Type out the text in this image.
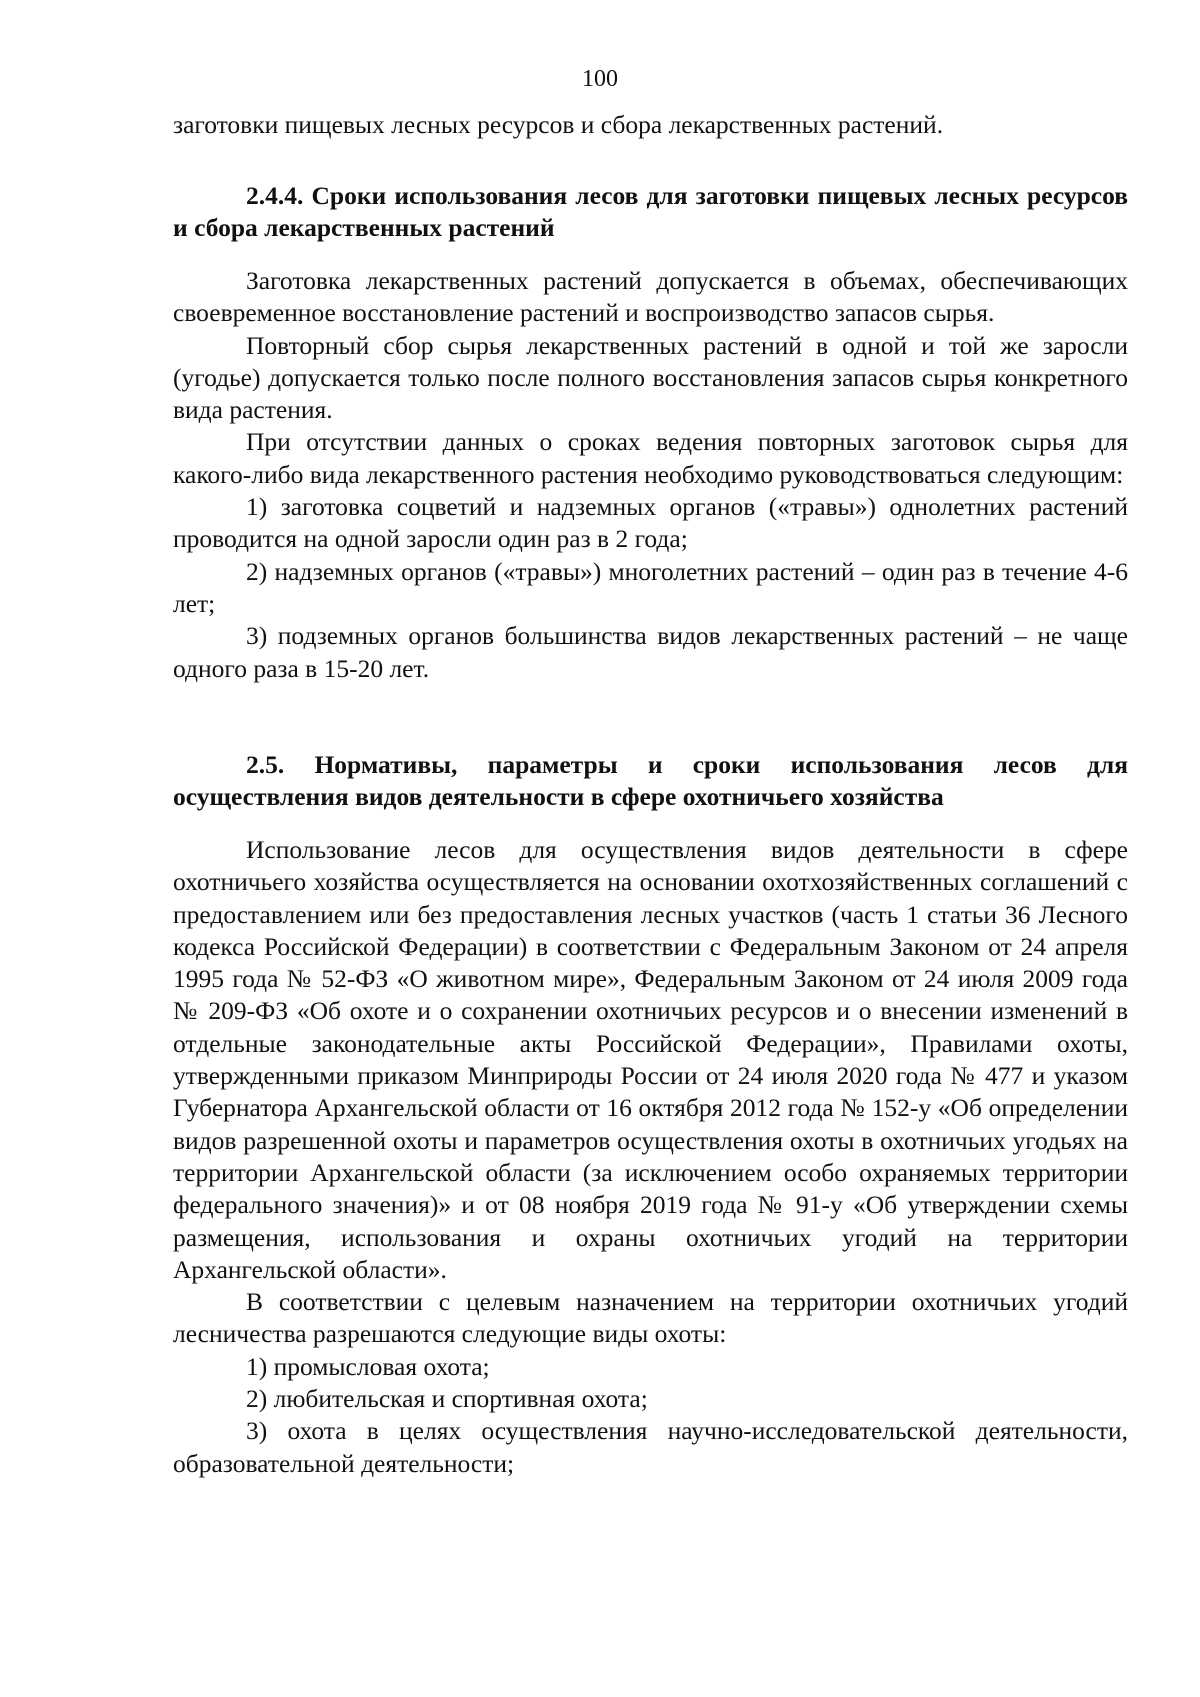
100

заготовки пищевых лесных ресурсов и сбора лекарственных растений.

2.4.4. Сроки использования лесов для заготовки пищевых лесных ресурсов и сбора лекарственных растений

Заготовка лекарственных растений допускается в объемах, обеспечивающих своевременное восстановление растений и воспроизводство запасов сырья.

Повторный сбор сырья лекарственных растений в одной и той же заросли (угодье) допускается только после полного восстановления запасов сырья конкретного вида растения.

При отсутствии данных о сроках ведения повторных заготовок сырья для какого-либо вида лекарственного растения необходимо руководствоваться следующим:

1) заготовка соцветий и надземных органов («травы») однолетних растений проводится на одной заросли один раз в 2 года;

2) надземных органов («травы») многолетних растений – один раз в течение 4-6 лет;

3) подземных органов большинства видов лекарственных растений – не чаще одного раза в 15-20 лет.

2.5. Нормативы, параметры и сроки использования лесов для осуществления видов деятельности в сфере охотничьего хозяйства

Использование лесов для осуществления видов деятельности в сфере охотничьего хозяйства осуществляется на основании охотхозяйственных соглашений с предоставлением или без предоставления лесных участков (часть 1 статьи 36 Лесного кодекса Российской Федерации) в соответствии с Федеральным Законом от 24 апреля 1995 года № 52-ФЗ «О животном мире», Федеральным Законом от 24 июля 2009 года № 209-ФЗ «Об охоте и о сохранении охотничьих ресурсов и о внесении изменений в отдельные законодательные акты Российской Федерации», Правилами охоты, утвержденными приказом Минприроды России от 24 июля 2020 года № 477 и указом Губернатора Архангельской области от 16 октября 2012 года № 152-у «Об определении видов разрешенной охоты и параметров осуществления охоты в охотничьих угодьях на территории Архангельской области (за исключением особо охраняемых территории федерального значения)» и от 08 ноября 2019 года № 91-у «Об утверждении схемы размещения, использования и охраны охотничьих угодий на территории Архангельской области».

В соответствии с целевым назначением на территории охотничьих угодий лесничества разрешаются следующие виды охоты:

1) промысловая охота;

2) любительская и спортивная охота;

3) охота в целях осуществления научно-исследовательской деятельности, образовательной деятельности;
